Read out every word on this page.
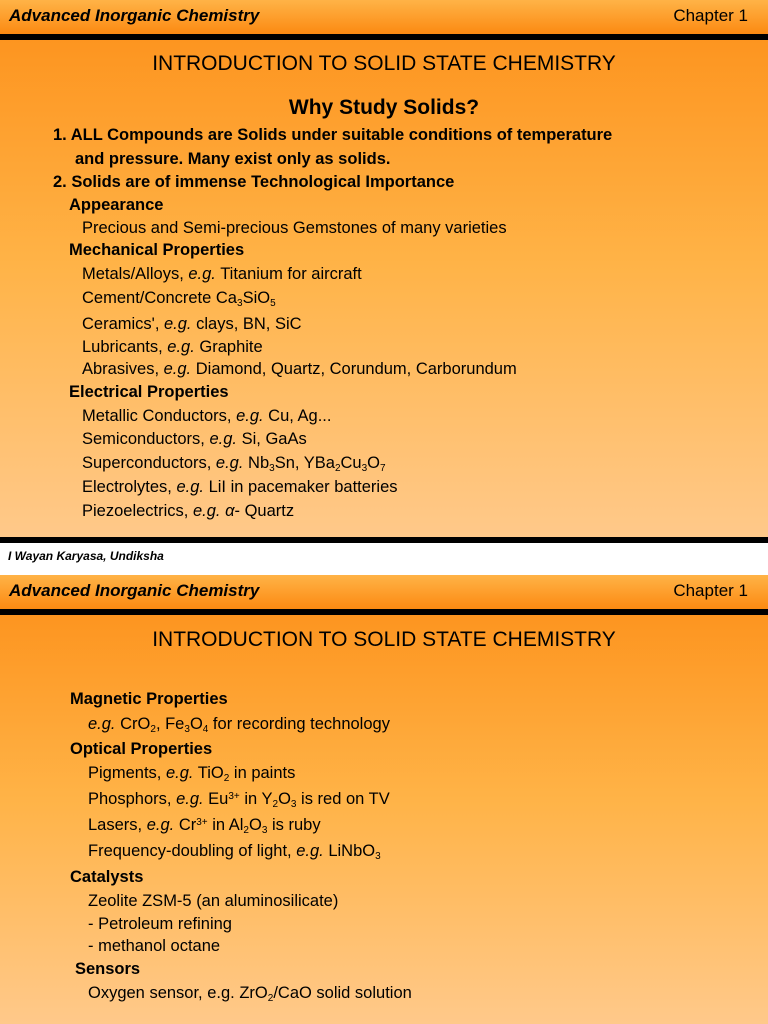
Advanced Inorganic Chemistry	Chapter 1
INTRODUCTION TO SOLID STATE CHEMISTRY
Why Study Solids?
1. ALL Compounds are Solids under suitable conditions of temperature
and pressure. Many exist only as solids.
2. Solids are of immense Technological Importance
Appearance
Precious and Semi-precious Gemstones of many varieties
Mechanical Properties
Metals/Alloys, e.g. Titanium for aircraft
Cement/Concrete $Ca_3SiO_5$
Ceramics', e.g. clays, BN, SiC
Lubricants, e.g. Graphite
Abrasives, e.g. Diamond, Quartz, Corundum, Carborundum
Electrical Properties
Metallic Conductors, e.g. Cu, Ag...
Semiconductors, e.g. Si, GaAs
Superconductors, e.g. $Nb_3Sn$, $YBa_2Cu_3O_7$
Electrolytes, e.g. LiI in pacemaker batteries
Piezoelectrics, e.g. α- Quartz
I Wayan Karyasa, Undiksha
Advanced Inorganic Chemistry	Chapter 1
INTRODUCTION TO SOLID STATE CHEMISTRY
Magnetic Properties
e.g. CrO$_2$, $Fe_3O_4$ for recording technology
Optical Properties
Pigments, e.g. TiO$_2$ in paints
Phosphors, e.g. $Eu^{3+}$ in $Y_2O_3$ is red on TV
Lasers, e.g. $Cr^{3+}$ in $Al_2O_3$ is ruby
Frequency-doubling of light, e.g. LiNbO$_3$
Catalysts
Zeolite ZSM-5 (an aluminosilicate)
- Petroleum refining
- methanol octane
Sensors
Oxygen sensor, e.g. ZrO$_2$/CaO solid solution
